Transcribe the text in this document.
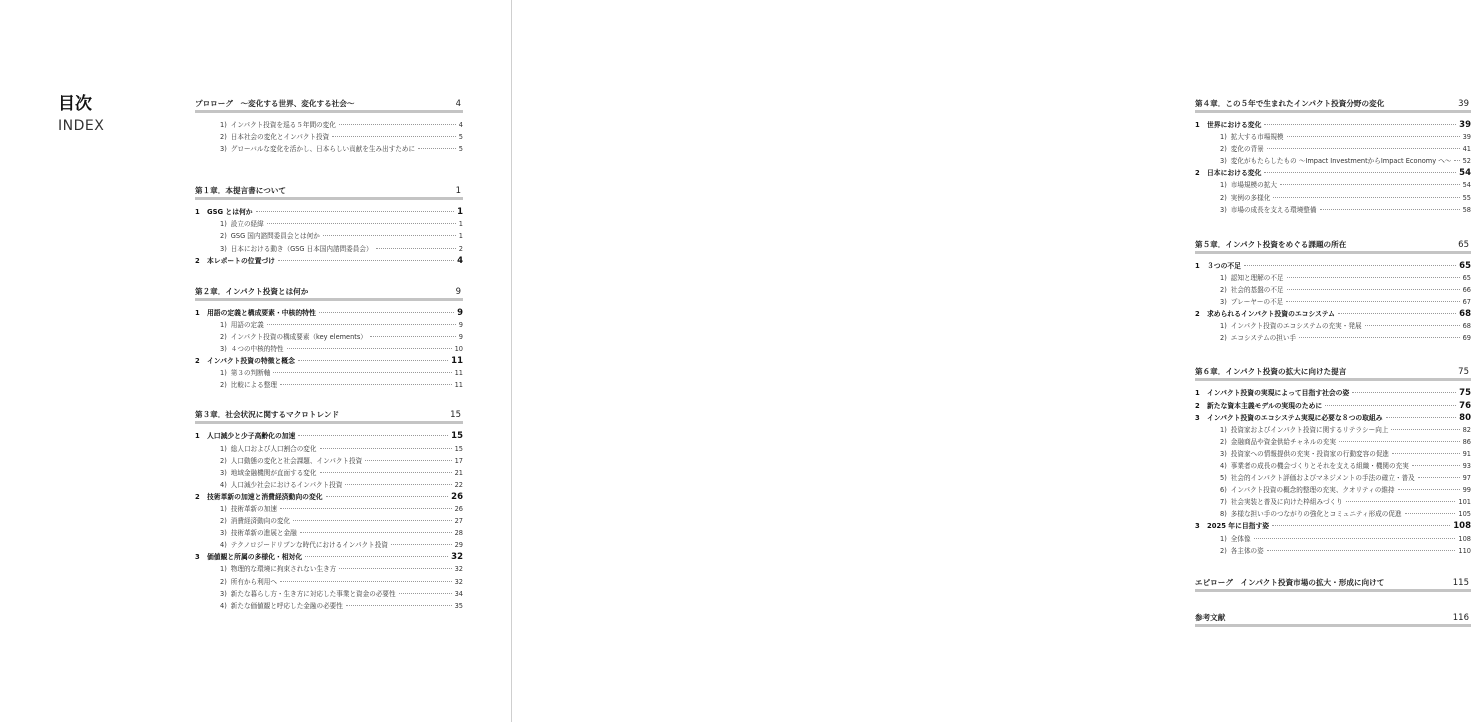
目次
INDEX
プロローグ　〜変化する世界、変化する社会〜	4
1) インパクト投資を巡る５年間の変化	4
2) 日本社会の変化とインパクト投資	5
3) グローバルな変化を活かし、日本らしい貢献を生み出すために	5
第１章．本提言書について	1
1 GSG とは何か	1
1) 設立の経緯	1
2) GSG 国内諮問委員会とは何か	1
3) 日本における動き（GSG 日本国内諮問委員会）	2
2 本レポートの位置づけ	4
第２章．インパクト投資とは何か	9
1 用語の定義と構成要素・中核的特性	9
1) 用語の定義	9
2) インパクト投資の構成要素（key elements）	9
3) ４つの中核的特性	10
2 インパクト投資の特徴と概念	11
1) 第３の判断軸	11
2) 比較による整理	11
第３章．社会状況に関するマクロトレンド	15
1 人口減少と少子高齢化の加速	15
1) 総人口および人口割合の変化	15
2) 人口動態の変化と社会課題、インパクト投資	17
3) 地域金融機関が直面する変化	21
4) 人口減少社会におけるインパクト投資	22
2 技術革新の加速と消費経済動向の変化	26
1) 技術革新の加速	26
2) 消費経済動向の変化	27
3) 技術革新の進展と金融	28
4) テクノロジードリブンな時代におけるインパクト投資	29
3 価値観と所属の多様化・相対化	32
1) 物理的な環境に拘束されない生き方	32
2) 所有から利用へ	32
3) 新たな暮らし方・生き方に対応した事業と資金の必要性	34
4) 新たな価値観と呼応した金融の必要性	35
第４章．この５年で生まれたインパクト投資分野の変化	39
1 世界における変化	39
1) 拡大する市場規模	39
2) 変化の背景	41
3) 変化がもたらしたもの 〜Impact InvestmentからImpact Economy へ〜 52
2 日本における変化	54
1) 市場規模の拡大	54
2) 実例の多様化	55
3) 市場の成長を支える環境整備	58
第５章．インパクト投資をめぐる課題の所在	65
1 ３つの不足	65
1) 認知と理解の不足	65
2) 社会的基盤の不足	66
3) プレーヤーの不足	67
2 求められるインパクト投資のエコシステム	68
1) インパクト投資のエコシステムの充実・発展	68
2) エコシステムの担い手	69
第６章．インパクト投資の拡大に向けた提言	75
1 インパクト投資の実現によって目指す社会の姿	75
2 新たな資本主義モデルの実現のために	76
3 インパクト投資のエコシステム実現に必要な８つの取組み	80
1) 投資家およびインパクト投資に関するリテラシー向上	82
2) 金融商品や資金供給チャネルの充実	86
3) 投資家への情報提供の充実・投資家の行動変容の促進	91
4) 事業者の成長の機会づくりとそれを支える組織・機関の充実	93
5) 社会的インパクト評価およびマネジメントの手法の確立・普及	97
6) インパクト投資の概念的整理の充実、クオリティの維持	99
7) 社会実装と普及に向けた枠組みづくり	101
8) 多様な担い手のつながりの強化とコミュニティ形成の促進	105
3 2025 年に目指す姿	108
1) 全体像	108
2) 各主体の姿	110
エピローグ　インパクト投資市場の拡大・形成に向けて	115
参考文献	116
